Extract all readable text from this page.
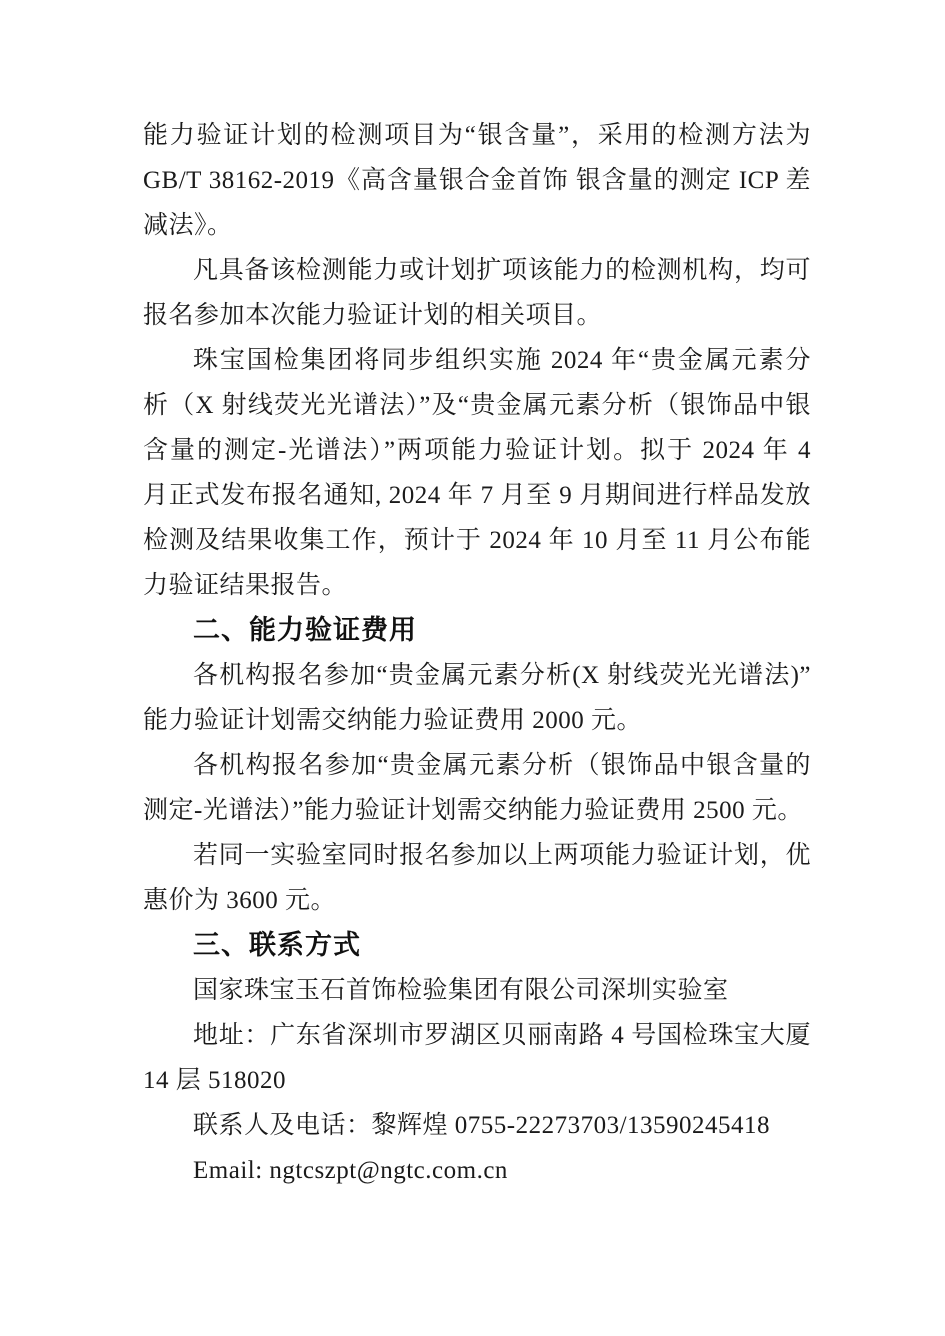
能力验证计划的检测项目为“银含量”，采用的检测方法为
GB/T 38162-2019《高含量银合金首饰 银含量的测定 ICP 差
减法》。
凡具备该检测能力或计划扩项该能力的检测机构，均可
报名参加本次能力验证计划的相关项目。
珠宝国检集团将同步组织实施 2024 年“贵金属元素分
析（X 射线荧光光谱法）”及“贵金属元素分析（银饰品中银
含量的测定-光谱法）”两项能力验证计划。拟于 2024 年 4
月正式发布报名通知, 2024 年 7 月至 9 月期间进行样品发放
检测及结果收集工作，预计于 2024 年 10 月至 11 月公布能
力验证结果报告。
二、能力验证费用
各机构报名参加“贵金属元素分析(X 射线荧光光谱法)”
能力验证计划需交纳能力验证费用 2000 元。
各机构报名参加“贵金属元素分析（银饰品中银含量的
测定-光谱法）”能力验证计划需交纳能力验证费用 2500 元。
若同一实验室同时报名参加以上两项能力验证计划，优
惠价为 3600 元。
三、联系方式
国家珠宝玉石首饰检验集团有限公司深圳实验室
地址：广东省深圳市罗湖区贝丽南路 4 号国检珠宝大厦
14 层 518020
联系人及电话：黎辉煌 0755-22273703/13590245418
Email: ngtcszpt@ngtc.com.cn
